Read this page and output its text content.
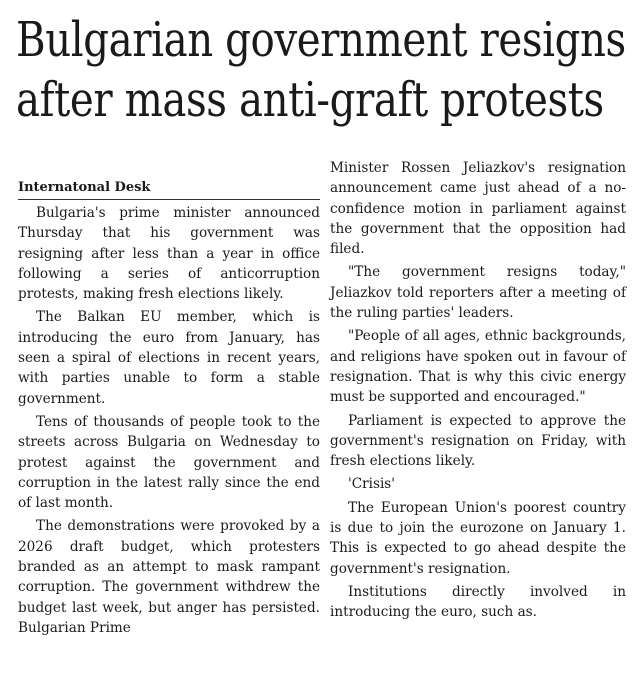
Bulgarian government resigns
after mass anti-graft protests
Internatonal Desk

Bulgaria's prime minister announced Thursday that his government was resigning after less than a year in office following a series of anticorruption protests, making fresh elections likely.

The Balkan EU member, which is introducing the euro from January, has seen a spiral of elections in recent years, with parties unable to form a stable government.

Tens of thousands of people took to the streets across Bulgaria on Wednesday to protest against the government and corruption in the latest rally since the end of last month.

The demonstrations were provoked by a 2026 draft budget, which protesters branded as an attempt to mask rampant corruption. The government withdrew the budget last week, but anger has persisted. Bulgarian Prime

Minister Rossen Jeliazkov's resignation announcement came just ahead of a no-confidence motion in parliament against the government that the opposition had filed.

"The government resigns today," Jeliazkov told reporters after a meeting of the ruling parties' leaders.

"People of all ages, ethnic backgrounds, and religions have spoken out in favour of resignation. That is why this civic energy must be supported and encouraged."

Parliament is expected to approve the government's resignation on Friday, with fresh elections likely.

'Crisis'

The European Union's poorest country is due to join the eurozone on January 1. This is expected to go ahead despite the government's resignation.

Institutions directly involved in introducing the euro, such as.
